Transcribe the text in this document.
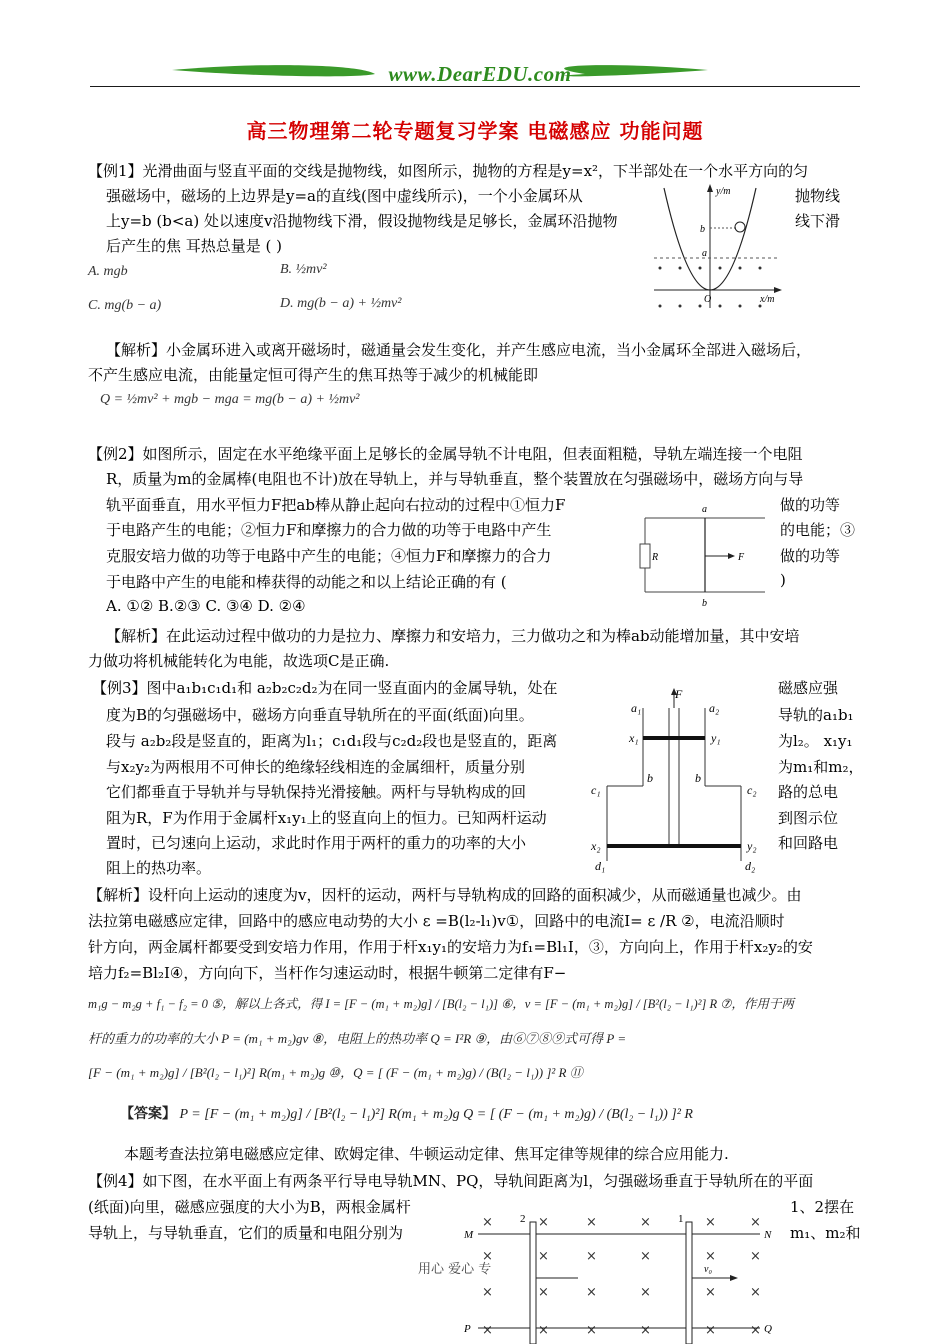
www.DearEDU.com
高三物理第二轮专题复习学案 电磁感应 功能问题
【例1】光滑曲面与竖直平面的交线是抛物线，如图所示，抛物的方程是y=x²，下半部处在一个水平方向的匀
强磁场中，磁场的上边界是y=a的直线(图中虚线所示)，一个小金属环从	抛物线
上y=b (b<a) 处以速度v沿抛物线下滑，假设抛物线是足够长，金属环沿抛物	线下滑
后产生的焦 耳热总量是 ( )
A. mgb	B. ½mv²
C. mg(b − a)	D. mg(b − a) + ½mv²
y/m
x/m
b
a
O
【解析】小金属环进入或离开磁场时，磁通量会发生变化，并产生感应电流，当小金属环全部进入磁场后，
不产生感应电流，由能量定恒可得产生的焦耳热等于减少的机械能即
Q = ½mv² + mgb − mga = mg(b − a) + ½mv²
【例2】如图所示，固定在水平绝缘平面上足够长的金属导轨不计电阻，但表面粗糙，导轨左端连接一个电阻
R，质量为m的金属棒(电阻也不计)放在导轨上，并与导轨垂直，整个装置放在匀强磁场中，磁场方向与导
轨平面垂直，用水平恒力F把ab棒从静止起向右拉动的过程中①恒力F	做的功等
于电路产生的电能；②恒力F和摩擦力的合力做的功等于电路中产生	的电能；③
克服安培力做的功等于电路中产生的电能；④恒力F和摩擦力的合力	做的功等
于电路中产生的电能和棒获得的动能之和以上结论正确的有 (	)
A. ①② B.②③ C. ③④ D. ②④
R
a
b
F
【解析】在此运动过程中做功的力是拉力、摩擦力和安培力，三力做功之和为棒ab动能增加量，其中安培
力做功将机械能转化为电能，故选项C是正确.
【例3】图中a₁b₁c₁d₁和 a₂b₂c₂d₂为在同一竖直面内的金属导轨，处在	磁感应强
度为B的匀强磁场中，磁场方向垂直导轨所在的平面(纸面)向里。	导轨的a₁b₁
段与 a₂b₂段是竖直的，距离为l₁；c₁d₁段与c₂d₂段也是竖直的，距离	为l₂。 x₁y₁
与x₂y₂为两根用不可伸长的绝缘轻线相连的金属细杆，质量分别	为m₁和m₂，
它们都垂直于导轨并与导轨保持光滑接触。两杆与导轨构成的回	路的总电
阻为R，F为作用于金属杆x₁y₁上的竖直向上的恒力。已知两杆运动	到图示位
置时，已匀速向上运动，求此时作用于两杆的重力的功率的大小	和回路电
阻上的热功率。
F
a₁	a₂
x₁	y₁
b	b
c₁	c₂
x₂	y₂
d₁	d₂
【解析】设杆向上运动的速度为v，因杆的运动，两杆与导轨构成的回路的面积减少，从而磁通量也减少。由
法拉第电磁感应定律，回路中的感应电动势的大小 ε =B(l₂-l₁)v①，回路中的电流I= ε /R ②，电流沿顺时
针方向，两金属杆都要受到安培力作用，作用于杆x₁y₁的安培力为f₁=Bl₁I，③，方向向上，作用于杆x₂y₂的安
培力f₂=Bl₂I④，方向向下，当杆作匀速运动时，根据牛顿第二定律有F−
m₁g − m₂g + f₁ − f₂ = 0 ⑤，解以上各式，得 I = [F − (m₁ + m₂)g] / [B(l₂ − l₁)] ⑥，v = [F − (m₁ + m₂)g] / [B²(l₂ − l₁)²] R ⑦，作用于两
杆的重力的功率的大小 P = (m₁ + m₂)gv ⑧，电阻上的热功率 Q = I²R ⑨，由⑥⑦⑧⑨式可得 P =
[F − (m₁ + m₂)g] / [B²(l₂ − l₁)²] R(m₁ + m₂)g ⑩，Q = [ (F − (m₁ + m₂)g) / (B(l₂ − l₁)) ]² R ⑪
【答案】 P = [F − (m₁ + m₂)g] / [B²(l₂ − l₁)²] R(m₁ + m₂)g Q = [ (F − (m₁ + m₂)g) / (B(l₂ − l₁)) ]² R
本题考查法拉第电磁感应定律、欧姆定律、牛顿运动定律、焦耳定律等规律的综合应用能力.
【例4】如下图，在水平面上有两条平行导电导轨MN、PQ，导轨间距离为l，匀强磁场垂直于导轨所在的平面
(纸面)向里，磁感应强度的大小为B，两根金属杆	1、2摆在
导轨上，与导轨垂直，它们的质量和电阻分别为	m₁、m₂和
×	×	×	×	×	×
×	×	×	×	×	×
×	×	×	×	×	×
×	×	×	×	×	×
M	N
P	Q
2	1
v₀
用心 爱心 专
